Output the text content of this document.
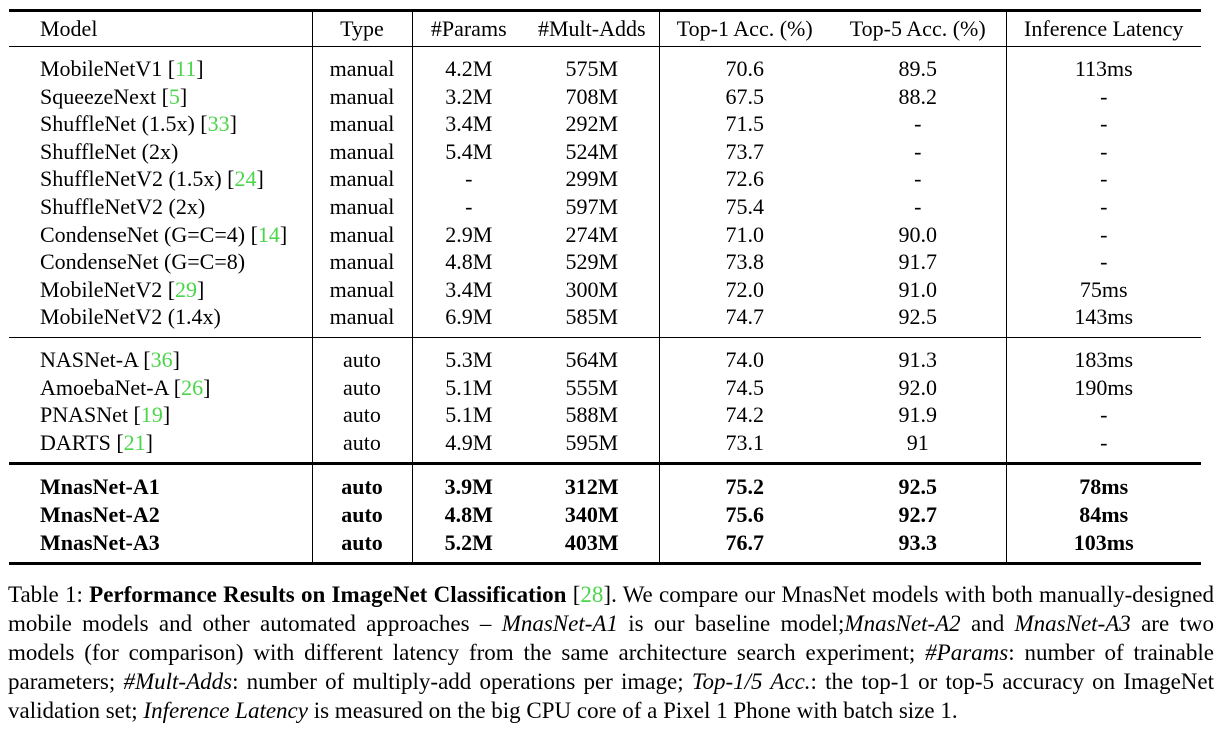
Model	Type	#Params	#Mult-Adds	Top-1 Acc. (%)	Top-5 Acc. (%)	Inference Latency
MobileNetV1 [11]	manual	4.2M	575M	70.6	89.5	113ms
SqueezeNext [5]	manual	3.2M	708M	67.5	88.2	-
ShuffleNet (1.5x) [33]	manual	3.4M	292M	71.5	-	-
ShuffleNet (2x)	manual	5.4M	524M	73.7	-	-
ShuffleNetV2 (1.5x) [24]	manual	-	299M	72.6	-	-
ShuffleNetV2 (2x)	manual	-	597M	75.4	-	-
CondenseNet (G=C=4) [14]	manual	2.9M	274M	71.0	90.0	-
CondenseNet (G=C=8)	manual	4.8M	529M	73.8	91.7	-
MobileNetV2 [29]	manual	3.4M	300M	72.0	91.0	75ms
MobileNetV2 (1.4x)	manual	6.9M	585M	74.7	92.5	143ms
NASNet-A [36]	auto	5.3M	564M	74.0	91.3	183ms
AmoebaNet-A [26]	auto	5.1M	555M	74.5	92.0	190ms
PNASNet [19]	auto	5.1M	588M	74.2	91.9	-
DARTS [21]	auto	4.9M	595M	73.1	91	-
MnasNet-A1	auto	3.9M	312M	75.2	92.5	78ms
MnasNet-A2	auto	4.8M	340M	75.6	92.7	84ms
MnasNet-A3	auto	5.2M	403M	76.7	93.3	103ms
Table 1: Performance Results on ImageNet Classification [28]. We compare our MnasNet models with both manually-designed mobile models and other automated approaches – MnasNet-A1 is our baseline model;MnasNet-A2 and MnasNet-A3 are two models (for comparison) with different latency from the same architecture search experiment; #Params: number of trainable parameters; #Mult-Adds: number of multiply-add operations per image; Top-1/5 Acc.: the top-1 or top-5 accuracy on ImageNet validation set; Inference Latency is measured on the big CPU core of a Pixel 1 Phone with batch size 1.
